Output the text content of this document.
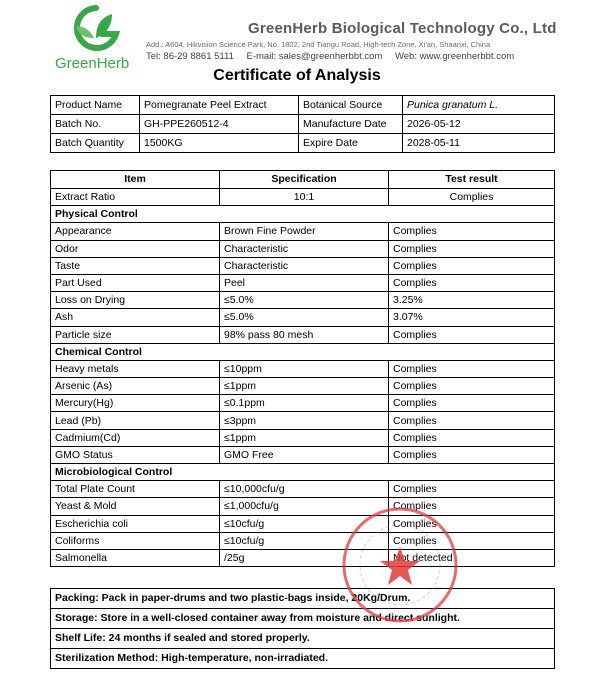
GreenHerb
GreenHerb Biological Technology Co., Ltd
Add.: A604, Hikvision Science Park, No. 1802, 2nd Tiangu Road, High-tech Zone, Xi'an, Shaanxi, China
Tel: 86-29 8861 5111 E-mail: sales@greenherbbt.com Web: www.greenherbbt.com
Certificate of Analysis
Product Name	Pomegranate Peel Extract	Botanical Source	Punica granatum L.
Batch No.	GH-PPE260512-4	Manufacture Date	2026-05-12
Batch Quantity	1500KG	Expire Date	2028-05-11
Item	Specification	Test result
Extract Ratio	10:1	Complies
Physical Control		
Appearance	Brown Fine Powder	Complies
Odor	Characteristic	Complies
Taste	Characteristic	Complies
Part Used	Peel	Complies
Loss on Drying	≤5.0%	3.25%
Ash	≤5.0%	3.07%
Particle size	98% pass 80 mesh	Complies
Chemical Control		
Heavy metals	≤10ppm	Complies
Arsenic (As)	≤1ppm	Complies
Mercury(Hg)	≤0.1ppm	Complies
Lead (Pb)	≤3ppm	Complies
Cadmium(Cd)	≤1ppm	Complies
GMO Status	GMO Free	Complies
Microbiological Control		
Total Plate Count	≤10,000cfu/g	Complies
Yeast & Mold	≤1,000cfu/g	Complies
Escherichia coli	≤10cfu/g	Complies
Coliforms	≤10cfu/g	Complies
Salmonella	/25g	Not detected
Packing: Pack in paper-drums and two plastic-bags inside, 20Kg/Drum.
Storage: Store in a well-closed container away from moisture and direct sunlight.
Shelf Life: 24 months if sealed and stored properly.
Sterilization Method: High-temperature, non-irradiated.
